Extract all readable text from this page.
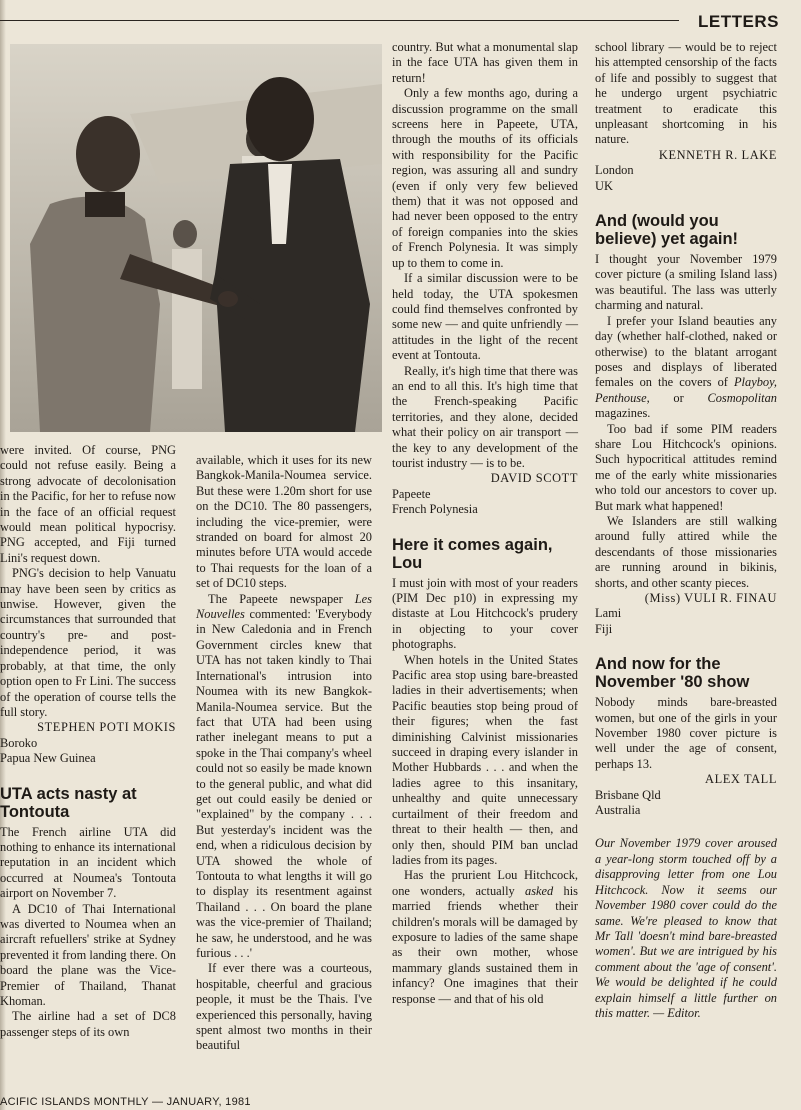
LETTERS

were invited. Of course, PNG could not refuse easily. Being a strong advocate of decolonisation in the Pacific, for her to refuse now in the face of an official request would mean political hypocrisy. PNG accepted, and Fiji turned Lini's request down.

PNG's decision to help Vanuatu may have been seen by critics as unwise. However, given the circumstances that surrounded that country's pre- and post-independence period, it was probably, at that time, the only option open to Fr Lini. The success of the operation of course tells the full story.

STEPHEN POTI MOKIS

Boroko

Papua New Guinea

UTA acts nasty at Tontouta

The French airline UTA did nothing to enhance its international reputation in an incident which occurred at Noumea's Tontouta airport on November 7.

A DC10 of Thai International was diverted to Noumea when an aircraft refuellers' strike at Sydney prevented it from landing there. On board the plane was the Vice-Premier of Thailand, Thanat Khoman.

The airline had a set of DC8 passenger steps of its own

available, which it uses for its new Bangkok-Manila-Noumea service. But these were 1.20m short for use on the DC10. The 80 passengers, including the vice-premier, were stranded on board for almost 20 minutes before UTA would accede to Thai requests for the loan of a set of DC10 steps.

The Papeete newspaper Les Nouvelles commented: 'Everybody in New Caledonia and in French Government circles knew that UTA has not taken kindly to Thai International's intrusion into Noumea with its new Bangkok-Manila-Noumea service. But the fact that UTA had been using rather inelegant means to put a spoke in the Thai company's wheel could not so easily be made known to the general public, and what did get out could easily be denied or "explained" by the company . . . But yesterday's incident was the end, when a ridiculous decision by UTA showed the whole of Tontouta to what lengths it will go to display its resentment against Thailand . . . On board the plane was the vice-premier of Thailand; he saw, he understood, and he was furious . . .'

If ever there was a courteous, hospitable, cheerful and gracious people, it must be the Thais. I've experienced this personally, having spent almost two months in their beautiful

country. But what a monumental slap in the face UTA has given them in return!

Only a few months ago, during a discussion programme on the small screens here in Papeete, UTA, through the mouths of its officials with responsibility for the Pacific region, was assuring all and sundry (even if only very few believed them) that it was not opposed and had never been opposed to the entry of foreign companies into the skies of French Polynesia. It was simply up to them to come in.

If a similar discussion were to be held today, the UTA spokesmen could find themselves confronted by some new — and quite unfriendly — attitudes in the light of the recent event at Tontouta.

Really, it's high time that there was an end to all this. It's high time that the French-speaking Pacific territories, and they alone, decided what their policy on air transport — the key to any development of the tourist industry — is to be.

DAVID SCOTT

Papeete

French Polynesia

Here it comes again, Lou

I must join with most of your readers (PIM Dec p10) in expressing my distaste at Lou Hitchcock's prudery in objecting to your cover photographs.

When hotels in the United States Pacific area stop using bare-breasted ladies in their advertisements; when Pacific beauties stop being proud of their figures; when the fast diminishing Calvinist missionaries succeed in draping every islander in Mother Hubbards . . . and when the ladies agree to this insanitary, unhealthy and quite unnecessary curtailment of their freedom and threat to their health — then, and only then, should PIM ban unclad ladies from its pages.

Has the prurient Lou Hitchcock, one wonders, actually asked his married friends whether their children's morals will be damaged by exposure to ladies of the same shape as their own mother, whose mammary glands sustained them in infancy? One imagines that their response — and that of his old

school library — would be to reject his attempted censorship of the facts of life and possibly to suggest that he undergo urgent psychiatric treatment to eradicate this unpleasant shortcoming in his nature.

KENNETH R. LAKE

London

UK

And (would you believe) yet again!

I thought your November 1979 cover picture (a smiling Island lass) was beautiful. The lass was utterly charming and natural.

I prefer your Island beauties any day (whether half-clothed, naked or otherwise) to the blatant arrogant poses and displays of liberated females on the covers of Playboy, Penthouse, or Cosmopolitan magazines.

Too bad if some PIM readers share Lou Hitchcock's opinions. Such hypocritical attitudes remind me of the early white missionaries who told our ancestors to cover up. But mark what happened!

We Islanders are still walking around fully attired while the descendants of those missionaries are running around in bikinis, shorts, and other scanty pieces.

(Miss) VULI R. FINAU

Lami

Fiji

And now for the November '80 show

Nobody minds bare-breasted women, but one of the girls in your November 1980 cover picture is well under the age of consent, perhaps 13.

ALEX TALL

Brisbane Qld

Australia

Our November 1979 cover aroused a year-long storm touched off by a disapproving letter from one Lou Hitchcock. Now it seems our November 1980 cover could do the same. We're pleased to know that Mr Tall 'doesn't mind bare-breasted women'. But we are intrigued by his comment about the 'age of consent'. We would be delighted if he could explain himself a little further on this matter. — Editor.

ACIFIC ISLANDS MONTHLY — JANUARY, 1981
